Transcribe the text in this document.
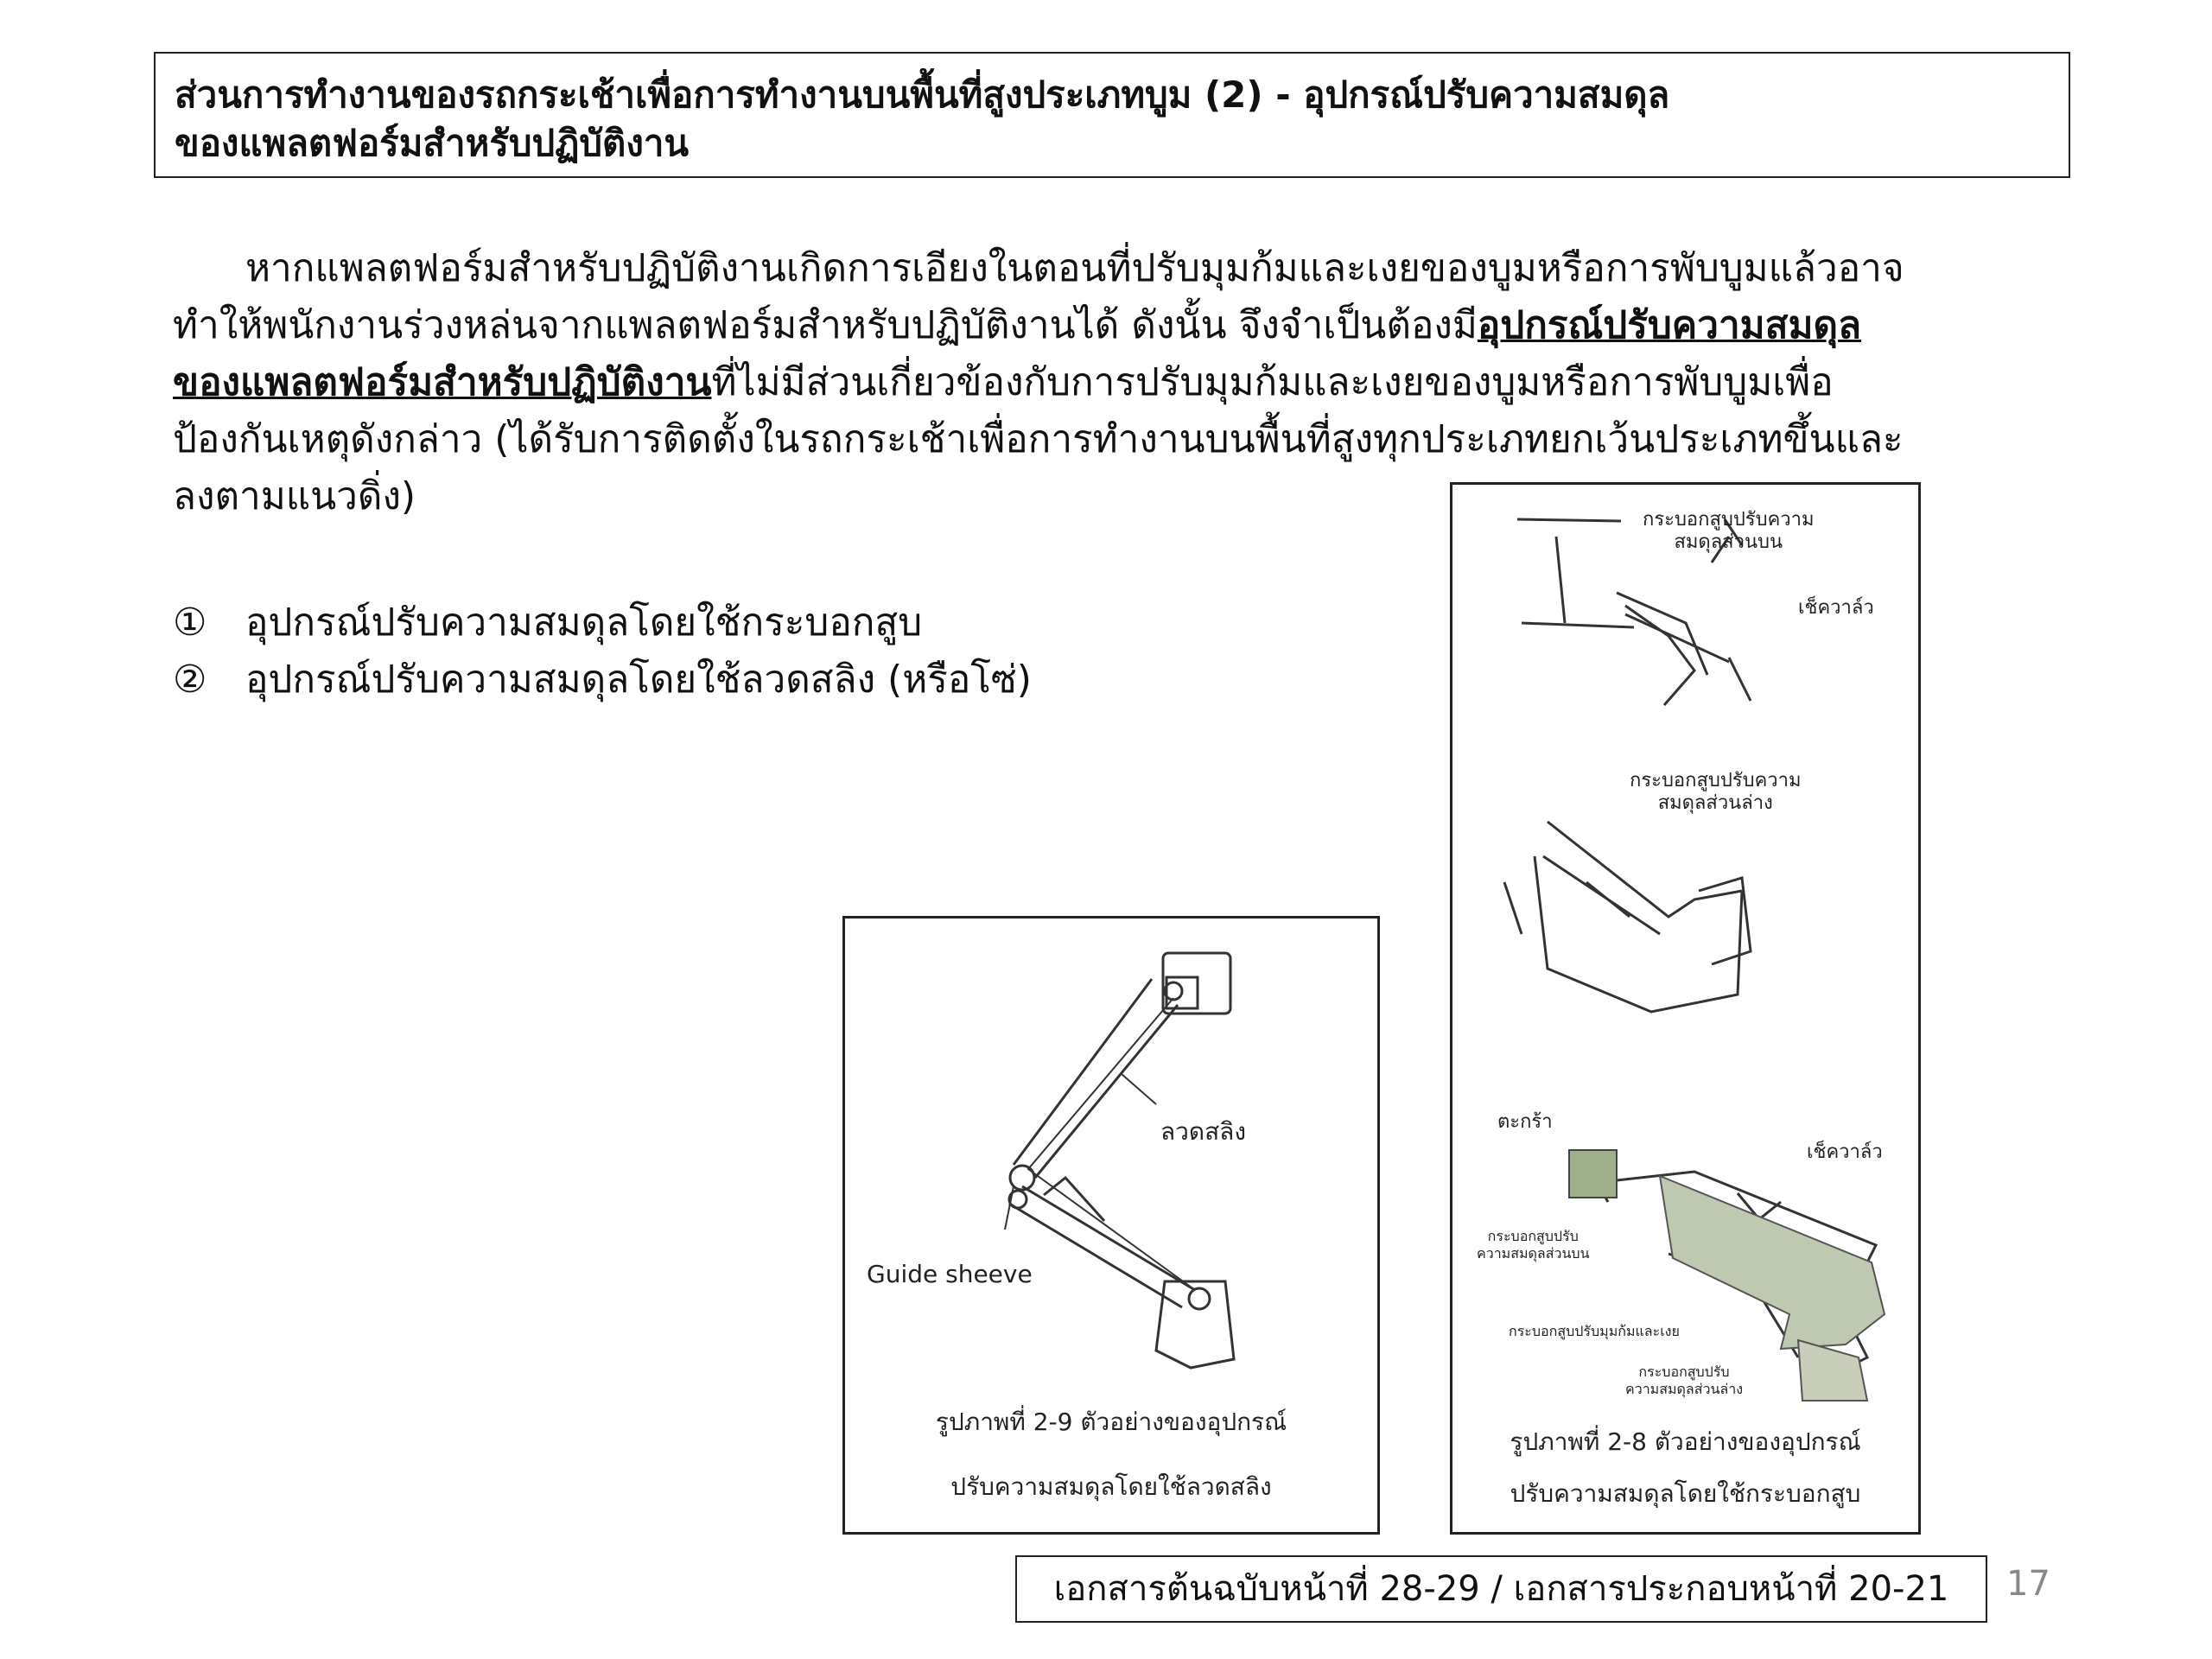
ส่วนการทำงานของรถกระเช้าเพื่อการทำงานบนพื้นที่สูงประเภทบูม (2) - อุปกรณ์ปรับความสมดุล
ของแพลตฟอร์มสำหรับปฏิบัติงาน
หากแพลตฟอร์มสำหรับปฏิบัติงานเกิดการเอียงในตอนที่ปรับมุมก้มและเงยของบูมหรือการพับบูมแล้วอาจ
ทำให้พนักงานร่วงหล่นจากแพลตฟอร์มสำหรับปฏิบัติงานได้ ดังนั้น จึงจำเป็นต้องมีอุปกรณ์ปรับความสมดุล
ของแพลตฟอร์มสำหรับปฏิบัติงานที่ไม่มีส่วนเกี่ยวข้องกับการปรับมุมก้มและเงยของบูมหรือการพับบูมเพื่อ
ป้องกันเหตุดังกล่าว (ได้รับการติดตั้งในรถกระเช้าเพื่อการทำงานบนพื้นที่สูงทุกประเภทยกเว้นประเภทขึ้นและ
ลงตามแนวดิ่ง)
① อุปกรณ์ปรับความสมดุลโดยใช้กระบอกสูบ
② อุปกรณ์ปรับความสมดุลโดยใช้ลวดสลิง (หรือโซ่)
ลวดสลิง
Guide sheeve
รูปภาพที่ 2-9 ตัวอย่างของอุปกรณ์
ปรับความสมดุลโดยใช้ลวดสลิง
กระบอกสูบปรับความ
สมดุลส่วนบน
เช็ควาล์ว
กระบอกสูบปรับความ
สมดุลส่วนล่าง
ตะกร้า
เช็ควาล์ว
กระบอกสูบปรับ
ความสมดุลส่วนบน
กระบอกสูบปรับมุมก้มและเงย
กระบอกสูบปรับ
ความสมดุลส่วนล่าง
รูปภาพที่ 2-8 ตัวอย่างของอุปกรณ์
ปรับความสมดุลโดยใช้กระบอกสูบ
เอกสารต้นฉบับหน้าที่ 28-29 / เอกสารประกอบหน้าที่ 20-21	17
